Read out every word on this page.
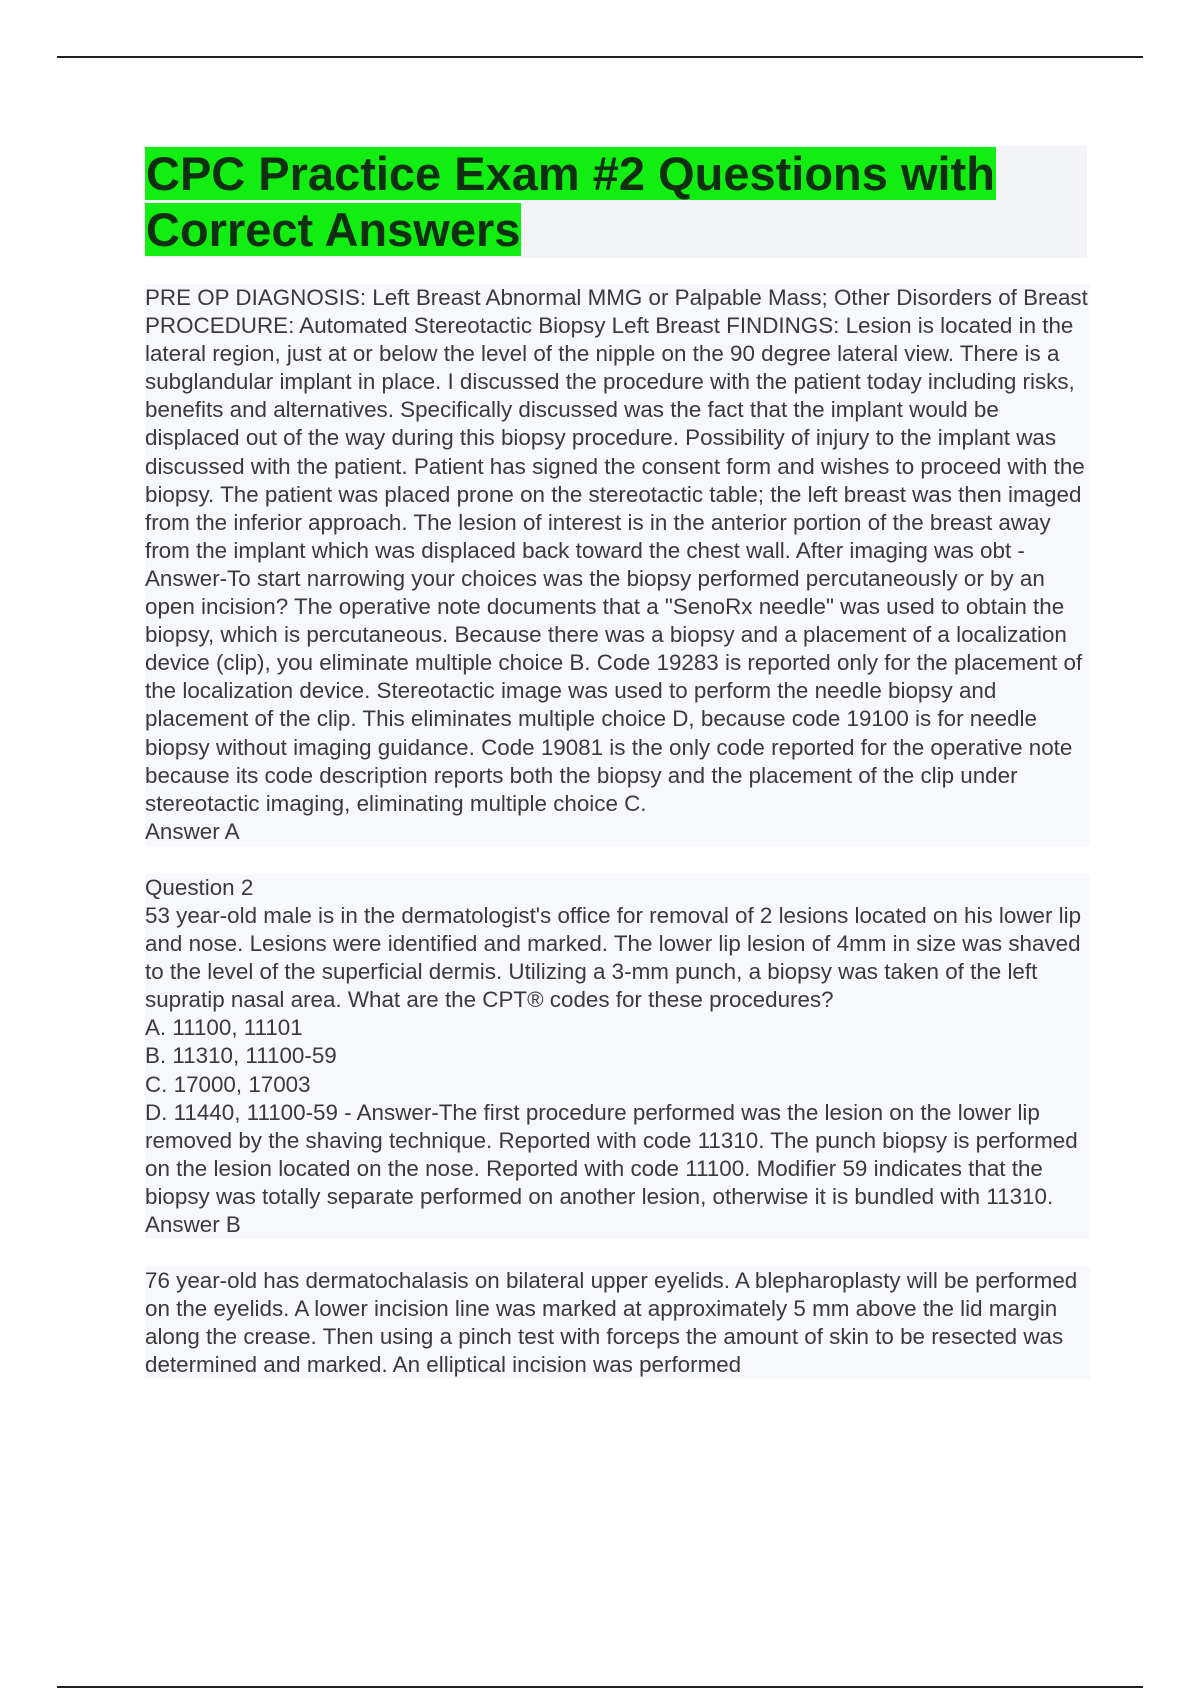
CPC Practice Exam #2 Questions with
Correct Answers
PRE OP DIAGNOSIS: Left Breast Abnormal MMG or Palpable Mass; Other Disorders of Breast PROCEDURE: Automated Stereotactic Biopsy Left Breast FINDINGS: Lesion is located in the lateral region, just at or below the level of the nipple on the 90 degree lateral view. There is a subglandular implant in place. I discussed the procedure with the patient today including risks, benefits and alternatives. Specifically discussed was the fact that the implant would be displaced out of the way during this biopsy procedure. Possibility of injury to the implant was discussed with the patient. Patient has signed the consent form and wishes to proceed with the biopsy. The patient was placed prone on the stereotactic table; the left breast was then imaged from the inferior approach. The lesion of interest is in the anterior portion of the breast away from the implant which was displaced back toward the chest wall. After imaging was obt - Answer-To start narrowing your choices was the biopsy performed percutaneously or by an open incision? The operative note documents that a "SenoRx needle" was used to obtain the biopsy, which is percutaneous. Because there was a biopsy and a placement of a localization device (clip), you eliminate multiple choice B. Code 19283 is reported only for the placement of the localization device. Stereotactic image was used to perform the needle biopsy and placement of the clip. This eliminates multiple choice D, because code 19100 is for needle biopsy without imaging guidance. Code 19081 is the only code reported for the operative note because its code description reports both the biopsy and the placement of the clip under stereotactic imaging, eliminating multiple choice C.
Answer A
Question 2
53 year-old male is in the dermatologist's office for removal of 2 lesions located on his lower lip and nose. Lesions were identified and marked. The lower lip lesion of 4mm in size was shaved to the level of the superficial dermis. Utilizing a 3-mm punch, a biopsy was taken of the left supratip nasal area. What are the CPT® codes for these procedures?
A. 11100, 11101
B. 11310, 11100-59
C. 17000, 17003
D. 11440, 11100-59 - Answer-The first procedure performed was the lesion on the lower lip removed by the shaving technique. Reported with code 11310. The punch biopsy is performed on the lesion located on the nose. Reported with code 11100. Modifier 59 indicates that the biopsy was totally separate performed on another lesion, otherwise it is bundled with 11310. Answer B
76 year-old has dermatochalasis on bilateral upper eyelids. A blepharoplasty will be performed on the eyelids. A lower incision line was marked at approximately 5 mm above the lid margin along the crease. Then using a pinch test with forceps the amount of skin to be resected was determined and marked. An elliptical incision was performed
